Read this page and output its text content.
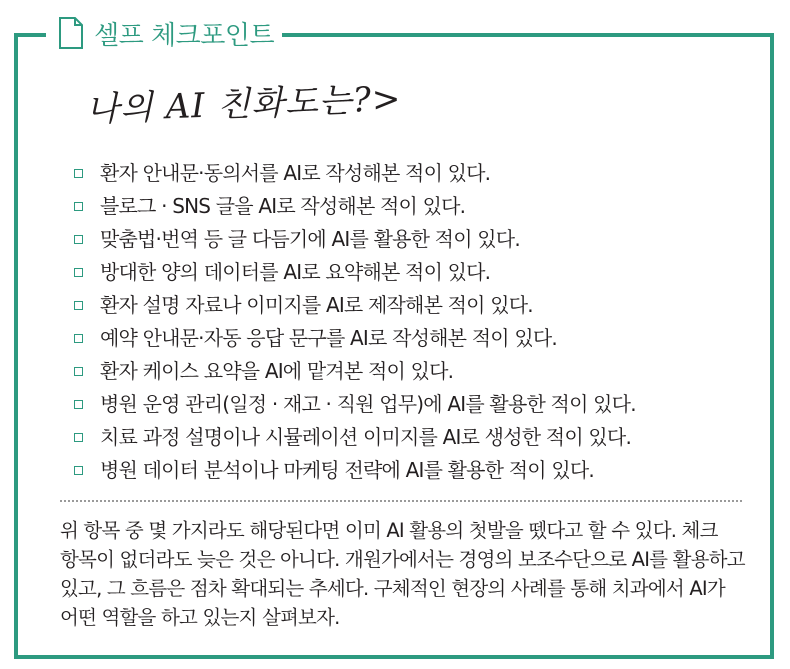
셀프 체크포인트
나의 AI 친화도는?>
환자 안내문·동의서를 AI로 작성해본 적이 있다.
블로그 · SNS 글을 AI로 작성해본 적이 있다.
맞춤법·번역 등 글 다듬기에 AI를 활용한 적이 있다.
방대한 양의 데이터를 AI로 요약해본 적이 있다.
환자 설명 자료나 이미지를 AI로 제작해본 적이 있다.
예약 안내문·자동 응답 문구를 AI로 작성해본 적이 있다.
환자 케이스 요약을 AI에 맡겨본 적이 있다.
병원 운영 관리(일정 · 재고 · 직원 업무)에 AI를 활용한 적이 있다.
치료 과정 설명이나 시뮬레이션 이미지를 AI로 생성한 적이 있다.
병원 데이터 분석이나 마케팅 전략에 AI를 활용한 적이 있다.

위 항목 중 몇 가지라도 해당된다면 이미 AI 활용의 첫발을 뗐다고 할 수 있다. 체크 항목이 없더라도 늦은 것은 아니다. 개원가에서는 경영의 보조수단으로 AI를 활용하고 있고, 그 흐름은 점차 확대되는 추세다. 구체적인 현장의 사례를 통해 치과에서 AI가 어떤 역할을 하고 있는지 살펴보자.
